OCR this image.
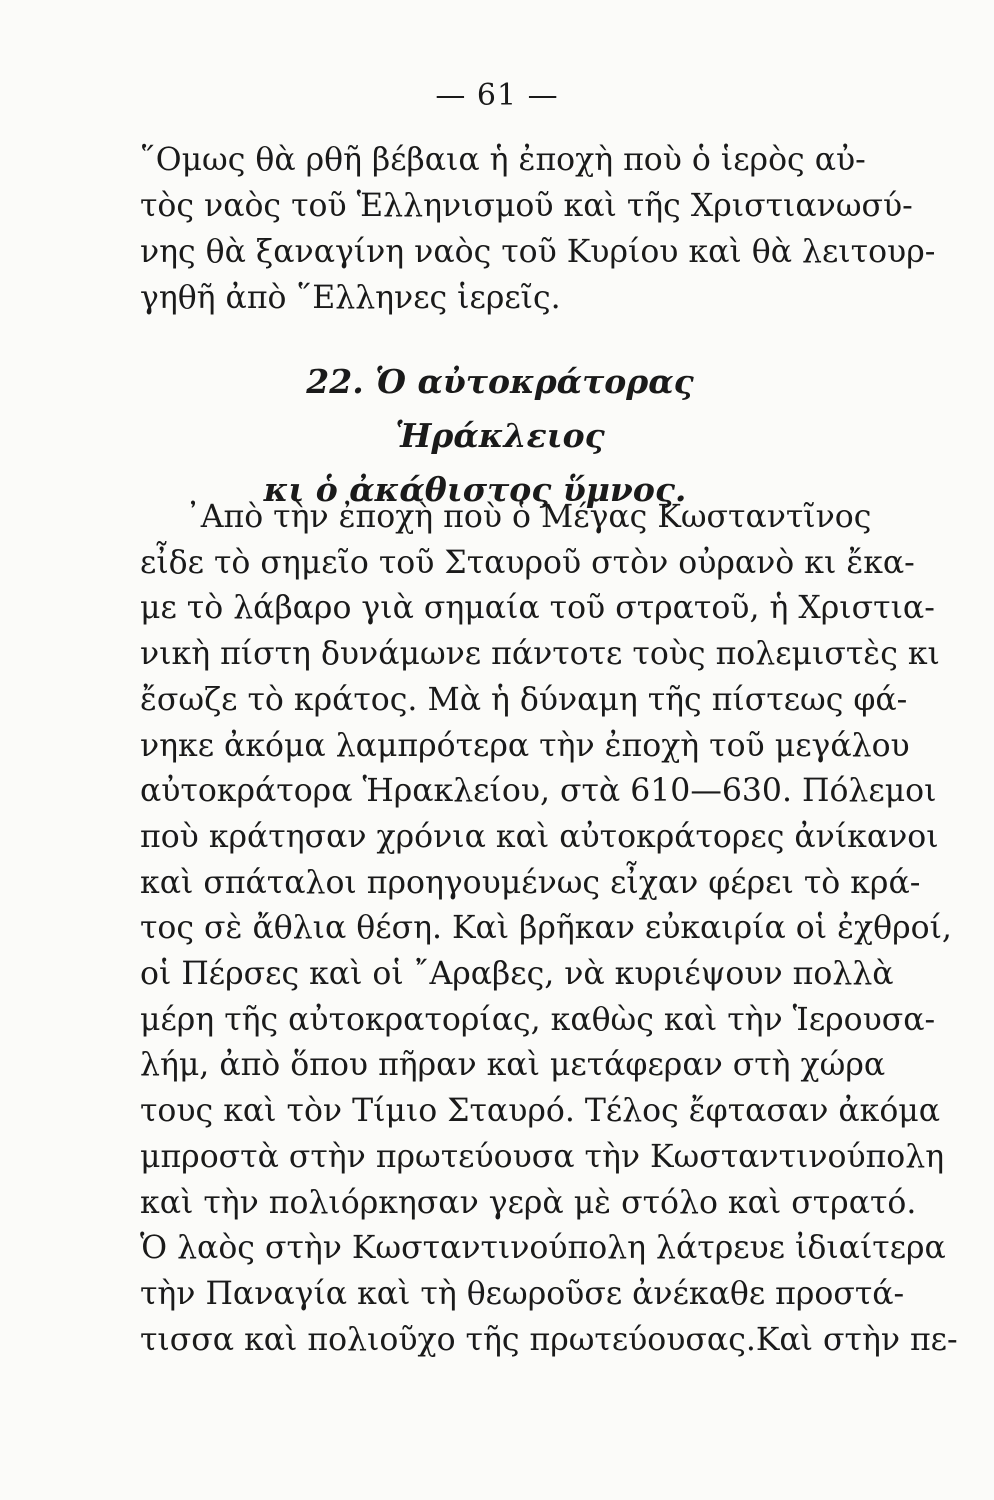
— 61 —
῞Ομως θὰ ρθῆ βέβαια ἡ ἐποχὴ ποὺ ὁ ἱερὸς αὐ-
τὸς ναὸς τοῦ Ἑλληνισμοῦ καὶ τῆς Χριστιανωσύ-
νης θὰ ξαναγίνη ναὸς τοῦ Κυρίου καὶ θὰ λειτουρ-
γηθῆ ἀπὸ ῞Ελληνες ἱερεῖς.
22. Ὁ αὐτοκράτορας Ἡράκλειος
κι ὁ ἀκάθιστος ὕμνος.
᾿Απὸ τὴν ἐποχὴ ποὺ ὁ Μέγας Κωσταντῖνος
εἶδε τὸ σημεῖο τοῦ Σταυροῦ στὸν οὐρανὸ κι ἔκα-
με τὸ λάβαρο γιὰ σημαία τοῦ στρατοῦ, ἡ Χριστια-
νικὴ πίστη δυνάμωνε πάντοτε τοὺς πολεμιστὲς κι
ἔσωζε τὸ κράτος. Μὰ ἡ δύναμη τῆς πίστεως φά-
νηκε ἀκόμα λαμπρότερα τὴν ἐποχὴ τοῦ μεγάλου
αὐτοκράτορα Ἡρακλείου, στὰ 610—630. Πόλεμοι
ποὺ κράτησαν χρόνια καὶ αὐτοκράτορες ἀνίκανοι
καὶ σπάταλοι προηγουμένως εἶχαν φέρει τὸ κρά-
τος σὲ ἄθλια θέση. Καὶ βρῆκαν εὐκαιρία οἱ ἐχθροί,
οἱ Πέρσες καὶ οἱ ῎Αραβες, νὰ κυριέψουν πολλὰ
μέρη τῆς αὐτοκρατορίας, καθὼς καὶ τὴν Ἱερουσα-
λήμ, ἀπὸ ὅπου πῆραν καὶ μετάφεραν στὴ χώρα
τους καὶ τὸν Τίμιο Σταυρό. Τέλος ἔφτασαν ἀκόμα
μπροστὰ στὴν πρωτεύουσα τὴν Κωσταντινούπολη
καὶ τὴν πολιόρκησαν γερὰ μὲ στόλο καὶ στρατό.
Ὁ λαὸς στὴν Κωσταντινούπολη λάτρευε ἰδιαίτερα
τὴν Παναγία καὶ τὴ θεωροῦσε ἀνέκαθε προστά-
τισσα καὶ πολιοῦχο τῆς πρωτεύουσας.Καὶ στὴν πε-
